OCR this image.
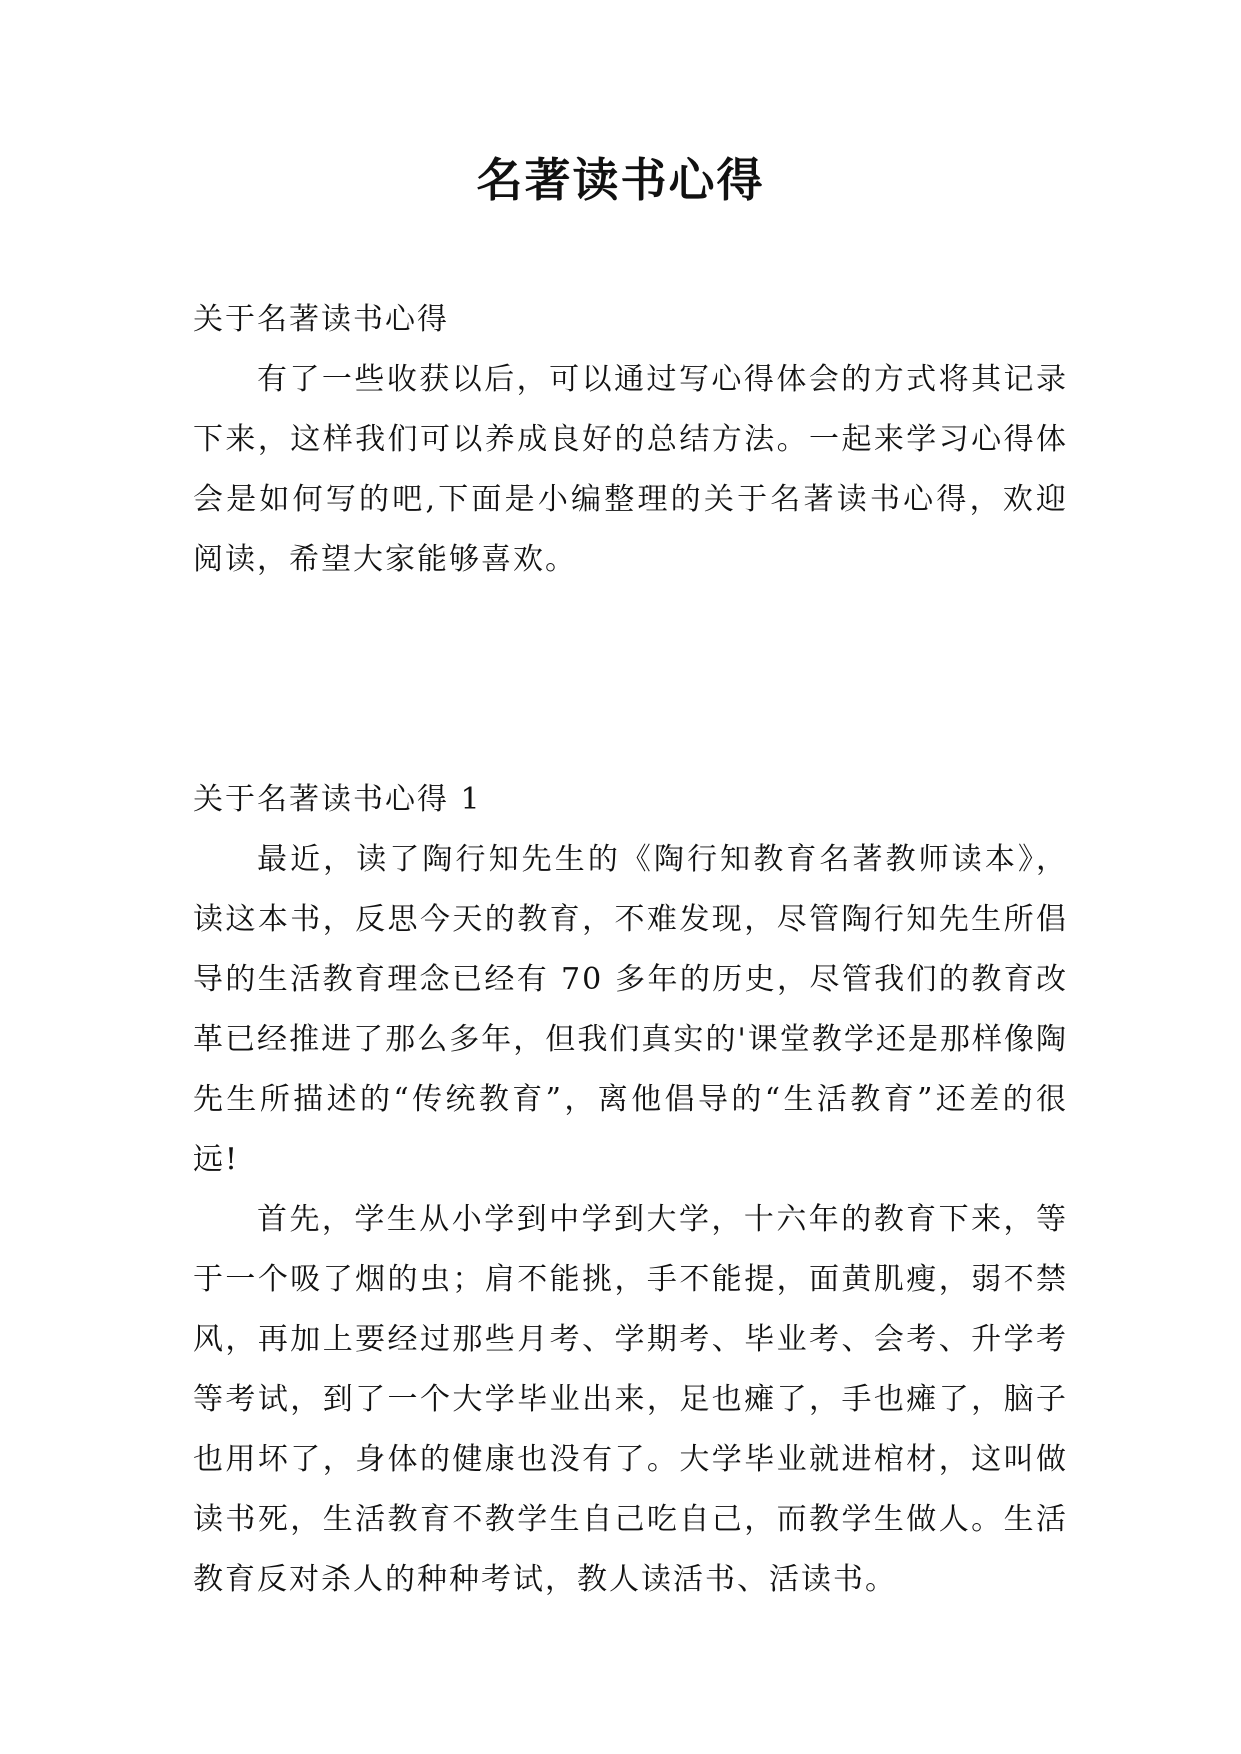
名著读书心得

关于名著读书心得

有了一些收获以后，可以通过写心得体会的方式将其记录下来，这样我们可以养成良好的总结方法。一起来学习心得体会是如何写的吧,下面是小编整理的关于名著读书心得，欢迎阅读，希望大家能够喜欢。

关于名著读书心得 1

最近，读了陶行知先生的《陶行知教育名著教师读本》，读这本书，反思今天的教育，不难发现，尽管陶行知先生所倡导的生活教育理念已经有 70 多年的历史，尽管我们的教育改革已经推进了那么多年，但我们真实的'课堂教学还是那样像陶先生所描述的“传统教育”，离他倡导的“生活教育”还差的很远!

首先，学生从小学到中学到大学，十六年的教育下来，等于一个吸了烟的虫；肩不能挑，手不能提，面黄肌瘦，弱不禁风，再加上要经过那些月考、学期考、毕业考、会考、升学考等考试，到了一个大学毕业出来，足也瘫了，手也瘫了，脑子也用坏了，身体的健康也没有了。大学毕业就进棺材，这叫做读书死，生活教育不教学生自己吃自己，而教学生做人。生活教育反对杀人的种种考试，教人读活书、活读书。
